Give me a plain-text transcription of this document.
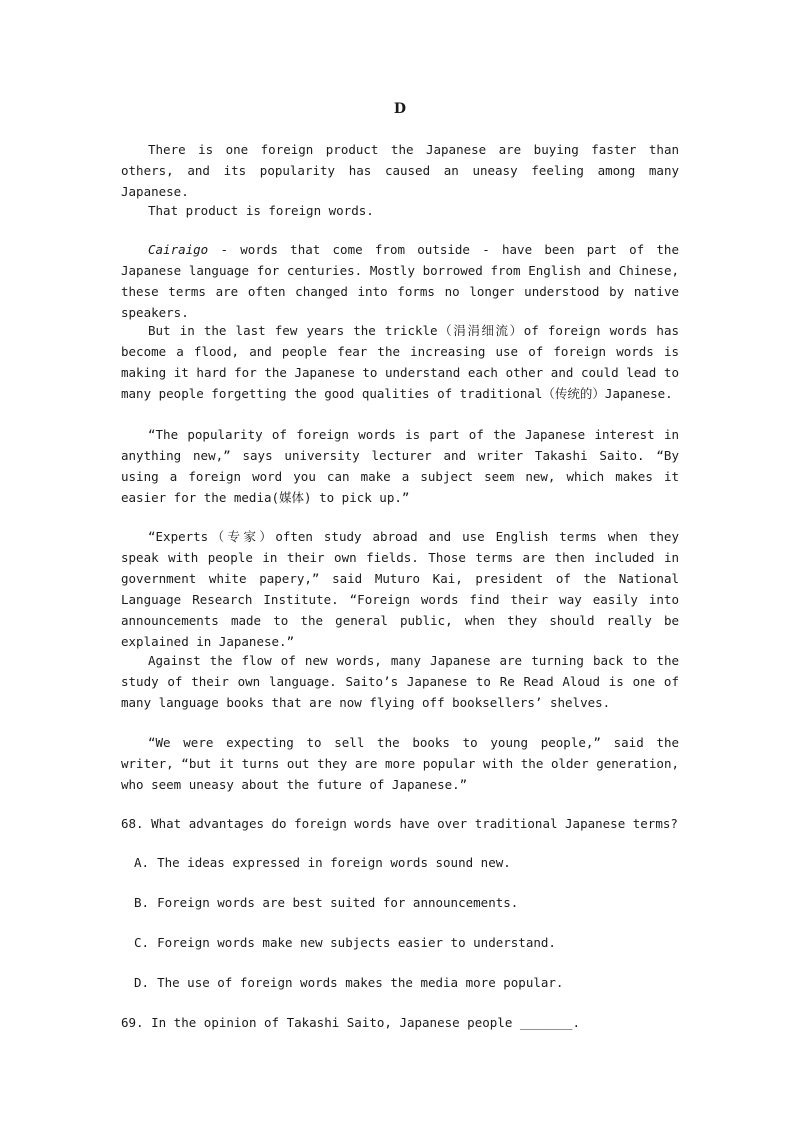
D

There is one foreign product the Japanese are buying faster than others, and its popularity has caused an uneasy feeling among many Japanese.

That product is foreign words.

Cairaigo - words that come from outside - have been part of the Japanese language for centuries. Mostly borrowed from English and Chinese, these terms are often changed into forms no longer understood by native speakers.

But in the last few years the trickle（涓涓细流）of foreign words has become a flood, and people fear the increasing use of foreign words is making it hard for the Japanese to understand each other and could lead to many people forgetting the good qualities of traditional（传统的）Japanese.

“The popularity of foreign words is part of the Japanese interest in anything new,” says university lecturer and writer Takashi Saito. “By using a foreign word you can make a subject seem new, which makes it easier for the media(媒体) to pick up.”

“Experts（专家）often study abroad and use English terms when they speak with people in their own fields. Those terms are then included in government white papery,” said Muturo Kai, president of the National Language Research Institute. “Foreign words find their way easily into announcements made to the general public, when they should really be explained in Japanese.”

Against the flow of new words, many Japanese are turning back to the study of their own language. Saito’s Japanese to Re Read Aloud is one of many language books that are now flying off booksellers’ shelves.

“We were expecting to sell the books to young people,” said the writer, “but it turns out they are more popular with the older generation, who seem uneasy about the future of Japanese.”

68. What advantages do foreign words have over traditional Japanese terms?

A. The ideas expressed in foreign words sound new.

B. Foreign words are best suited for announcements.

C. Foreign words make new subjects easier to understand.

D. The use of foreign words makes the media more popular.

69. In the opinion of Takashi Saito, Japanese people _______.
